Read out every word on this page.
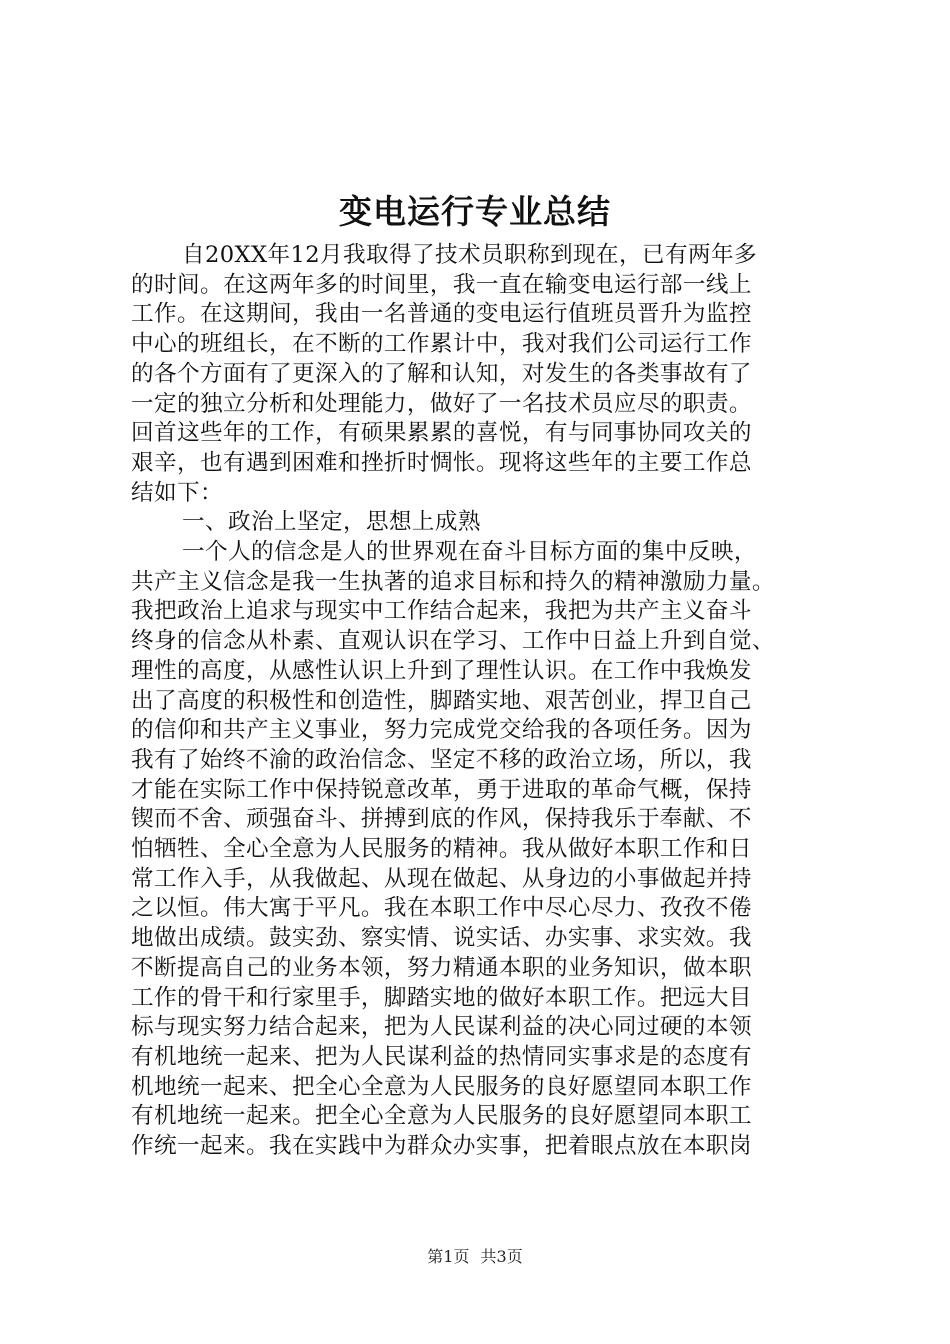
变电运行专业总结
自20XX年12月我取得了技术员职称到现在，已有两年多
的时间。在这两年多的时间里，我一直在输变电运行部一线上
工作。在这期间，我由一名普通的变电运行值班员晋升为监控
中心的班组长，在不断的工作累计中，我对我们公司运行工作
的各个方面有了更深入的了解和认知，对发生的各类事故有了
一定的独立分析和处理能力，做好了一名技术员应尽的职责。
回首这些年的工作，有硕果累累的喜悦，有与同事协同攻关的
艰辛，也有遇到困难和挫折时惆怅。现将这些年的主要工作总
结如下：
一、政治上坚定，思想上成熟
一个人的信念是人的世界观在奋斗目标方面的集中反映，
共产主义信念是我一生执著的追求目标和持久的精神激励力量。
我把政治上追求与现实中工作结合起来，我把为共产主义奋斗
终身的信念从朴素、直观认识在学习、工作中日益上升到自觉、
理性的高度，从感性认识上升到了理性认识。在工作中我焕发
出了高度的积极性和创造性，脚踏实地、艰苦创业，捍卫自己
的信仰和共产主义事业，努力完成党交给我的各项任务。因为
我有了始终不渝的政治信念、坚定不移的政治立场，所以，我
才能在实际工作中保持锐意改革，勇于进取的革命气概，保持
锲而不舍、顽强奋斗、拼搏到底的作风，保持我乐于奉献、不
怕牺牲、全心全意为人民服务的精神。我从做好本职工作和日
常工作入手，从我做起、从现在做起、从身边的小事做起并持
之以恒。伟大寓于平凡。我在本职工作中尽心尽力、孜孜不倦
地做出成绩。鼓实劲、察实情、说实话、办实事、求实效。我
不断提高自己的业务本领，努力精通本职的业务知识，做本职
工作的骨干和行家里手，脚踏实地的做好本职工作。把远大目
标与现实努力结合起来，把为人民谋利益的决心同过硬的本领
有机地统一起来、把为人民谋利益的热情同实事求是的态度有
机地统一起来、把全心全意为人民服务的良好愿望同本职工作
有机地统一起来。把全心全意为人民服务的良好愿望同本职工
作统一起来。我在实践中为群众办实事，把着眼点放在本职岗
第1页 共3页
